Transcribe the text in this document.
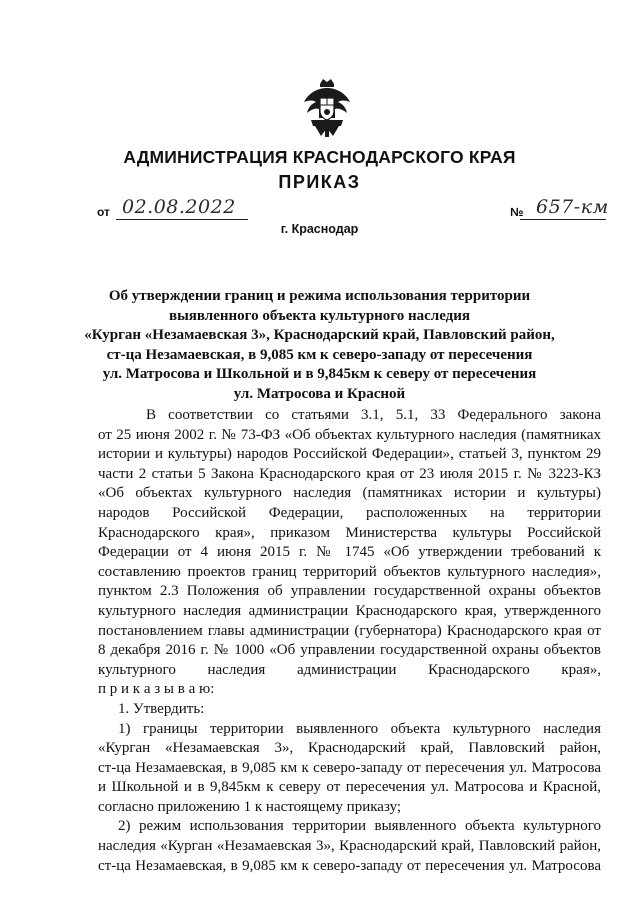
АДМИНИСТРАЦИЯ КРАСНОДАРСКОГО КРАЯ
ПРИКАЗ
от 02.08.2022	№ 657-км
г. Краснодар
Об утверждении границ и режима использования территории
выявленного объекта культурного наследия
«Курган «Незамаевская 3», Краснодарский край, Павловский район,
ст-ца Незамаевская, в 9,085 км к северо-западу от пересечения
ул. Матросова и Школьной и в 9,845км к северу от пересечения
ул. Матросова и Красной
В соответствии со статьями 3.1, 5.1, 33 Федерального закона
от 25 июня 2002 г. № 73-ФЗ «Об объектах культурного наследия (памятниках
истории и культуры) народов Российской Федерации», статьей 3, пунктом 29
части 2 статьи 5 Закона Краснодарского края от 23 июля 2015 г. № 3223-КЗ
«Об объектах культурного наследия (памятниках истории и культуры)
народов Российской Федерации, расположенных на территории
Краснодарского края», приказом Министерства культуры Российской
Федерации от 4 июня 2015 г. № 1745 «Об утверждении требований к
составлению проектов границ территорий объектов культурного наследия»,
пунктом 2.3 Положения об управлении государственной охраны объектов
культурного наследия администрации Краснодарского края, утвержденного
постановлением главы администрации (губернатора) Краснодарского края от
8 декабря 2016 г. № 1000 «Об управлении государственной охраны объектов
культурного наследия администрации Краснодарского края»,
п р и к а з ы в а ю:
1. Утвердить:
1) границы территории выявленного объекта культурного наследия
«Курган «Незамаевская 3», Краснодарский край, Павловский район,
ст-ца Незамаевская, в 9,085 км к северо-западу от пересечения ул. Матросова
и Школьной и в 9,845км к северу от пересечения ул. Матросова и Красной,
согласно приложению 1 к настоящему приказу;
2) режим использования территории выявленного объекта культурного
наследия «Курган «Незамаевская 3», Краснодарский край, Павловский район,
ст-ца Незамаевская, в 9,085 км к северо-западу от пересечения ул. Матросова
